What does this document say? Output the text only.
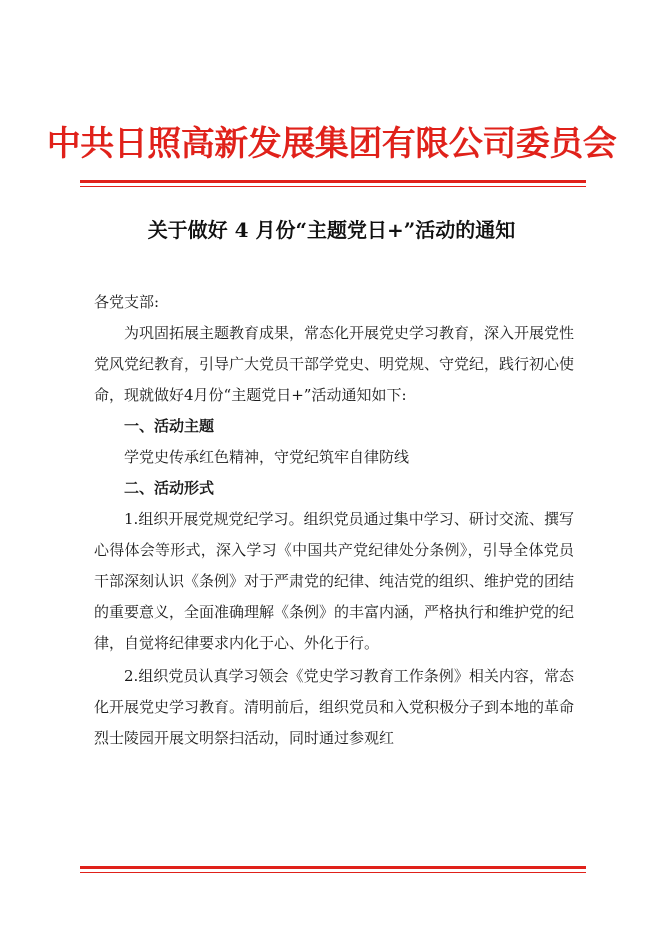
中共日照高新发展集团有限公司委员会
关于做好 4 月份“主题党日+”活动的通知

各党支部:

为巩固拓展主题教育成果，常态化开展党史学习教育，深入开展党性党风党纪教育，引导广大党员干部学党史、明党规、守党纪，践行初心使命，现就做好4月份“主题党日+”活动通知如下:

一、活动主题

学党史传承红色精神，守党纪筑牢自律防线

二、活动形式

1.组织开展党规党纪学习。组织党员通过集中学习、研讨交流、撰写心得体会等形式，深入学习《中国共产党纪律处分条例》，引导全体党员干部深刻认识《条例》对于严肃党的纪律、纯洁党的组织、维护党的团结的重要意义，全面准确理解《条例》的丰富内涵，严格执行和维护党的纪律，自觉将纪律要求内化于心、外化于行。

2.组织党员认真学习领会《党史学习教育工作条例》相关内容，常态化开展党史学习教育。清明前后，组织党员和入党积极分子到本地的革命烈士陵园开展文明祭扫活动，同时通过参观红
